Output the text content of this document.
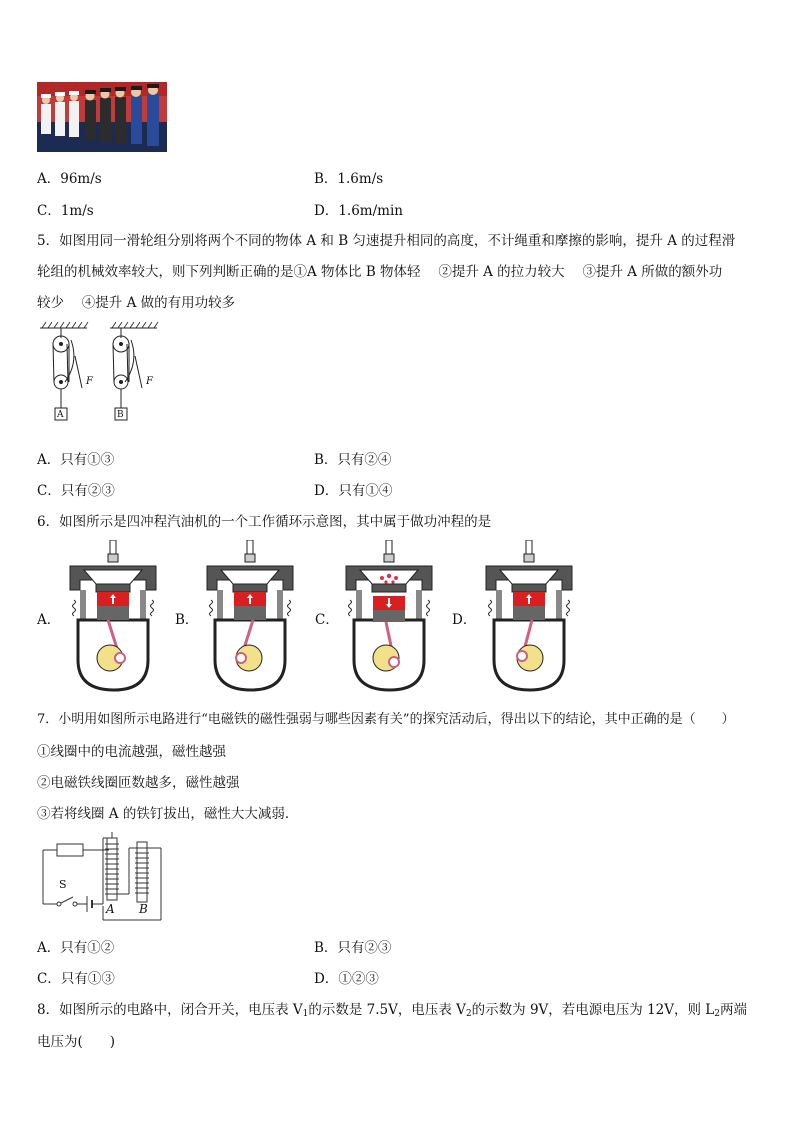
A．96m/s	B．1.6m/s
C．1m/s	D．1.6m/min
5．如图用同一滑轮组分别将两个不同的物体 A 和 B 匀速提升相同的高度，不计绳重和摩擦的影响，提升 A 的过程滑
轮组的机械效率较大，则下列判断正确的是①A 物体比 B 物体轻　 ②提升 A 的拉力较大　 ③提升 A 所做的额外功
较少　 ④提升 A 做的有用功较多
A	B
F	F
A．只有①③	B．只有②④
C．只有②③	D．只有①④
6．如图所示是四冲程汽油机的一个工作循环示意图，其中属于做功冲程的是
A．	B．	C．	D．
7．小明用如图所示电路进行“电磁铁的磁性强弱与哪些因素有关”的探究活动后，得出以下的结论，其中正确的是（　　）
①线圈中的电流越强，磁性越强
②电磁铁线圈匝数越多，磁性越强
③若将线圈 A 的铁钉拔出，磁性大大减弱．
S
A B
A．只有①②	B．只有②③
C．只有①③	D．①②③
8．如图所示的电路中，闭合开关，电压表 $V_1$的示数是 7.5V，电压表 $V_2$的示数为 9V，若电源电压为 12V，则 $L_2$两端
电压为(　　)
